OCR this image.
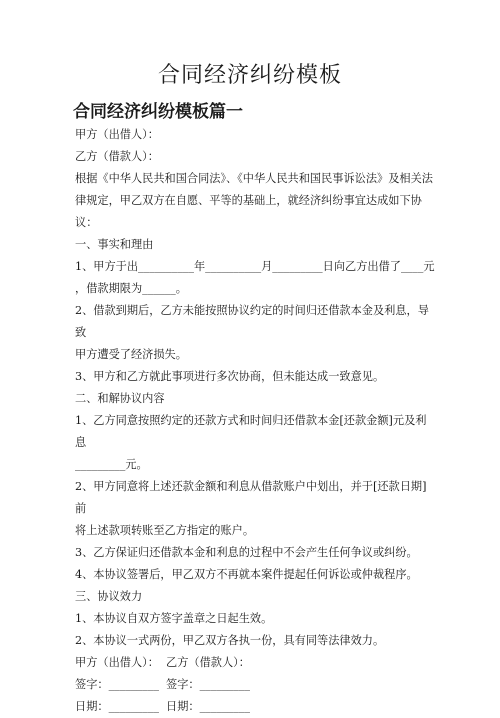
合同经济纠纷模板
合同经济纠纷模板篇一

甲方（出借人）：

乙方（借款人）：

根据《中华人民共和国合同法》、《中华人民共和国民事诉讼法》及相关法

律规定，甲乙双方在自愿、平等的基础上，就经济纠纷事宜达成如下协议：

一、事实和理由

1、甲方于出__________年__________月_________日向乙方出借了____元

，借款期限为______。

2、借款到期后，乙方未能按照协议约定的时间归还借款本金及利息，导致

甲方遭受了经济损失。

3、甲方和乙方就此事项进行多次协商，但未能达成一致意见。

二、和解协议内容

1、乙方同意按照约定的还款方式和时间归还借款本金[还款金额]元及利息

_________元。

2、甲方同意将上述还款金额和利息从借款账户中划出，并于[还款日期]前

将上述款项转账至乙方指定的账户。

3、乙方保证归还借款本金和利息的过程中不会产生任何争议或纠纷。

4、本协议签署后，甲乙双方不再就本案件提起任何诉讼或仲裁程序。

三、协议效力

1、本协议自双方签字盖章之日起生效。

2、本协议一式两份，甲乙双方各执一份，具有同等法律效力。

甲方（出借人）：  乙方（借款人）：

签字：_________  签字：_________

日期：_________  日期：_________
